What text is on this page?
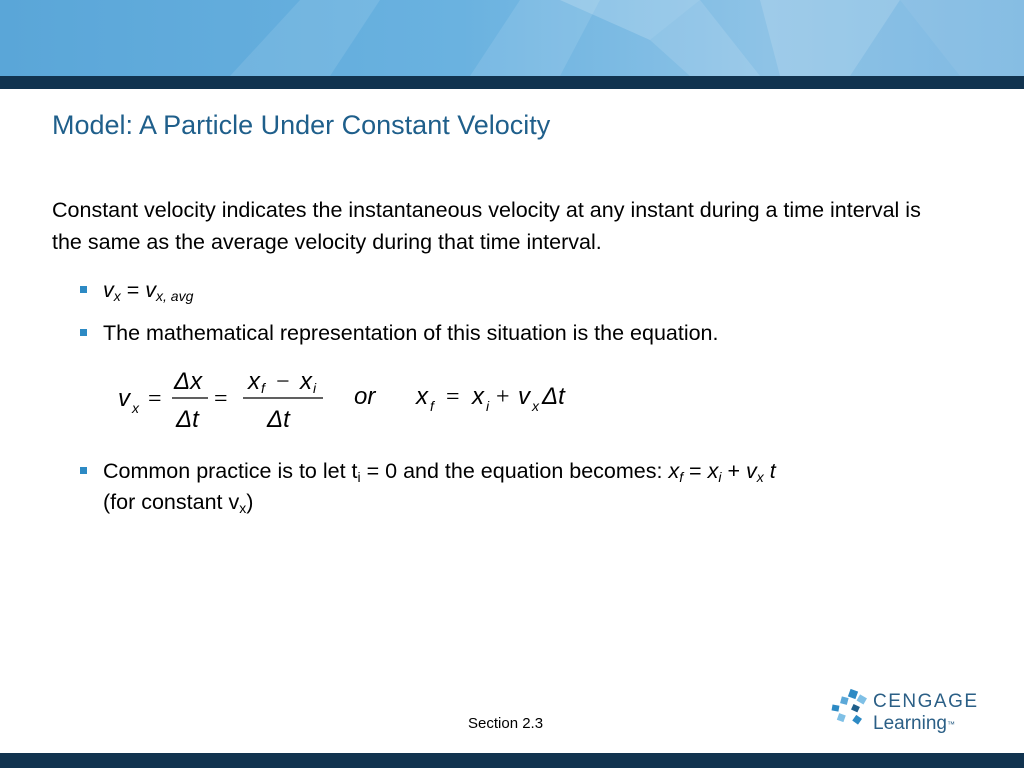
Model: A Particle Under Constant Velocity

Constant velocity indicates the instantaneous velocity at any instant during a time interval is the same as the average velocity during that time interval.

$v_x = v_{x, avg}$
The mathematical representation of this situation is the equation.
v x =
Δx
Δt
=
x f − x i
Δt
or x f = x i + v x Δt
Common practice is to let $t_i = 0$ and the equation becomes: $x_f = x_i + v_x$ t
(for constant $v_x$)
Section 2.3
CENGAGE
Learning™
